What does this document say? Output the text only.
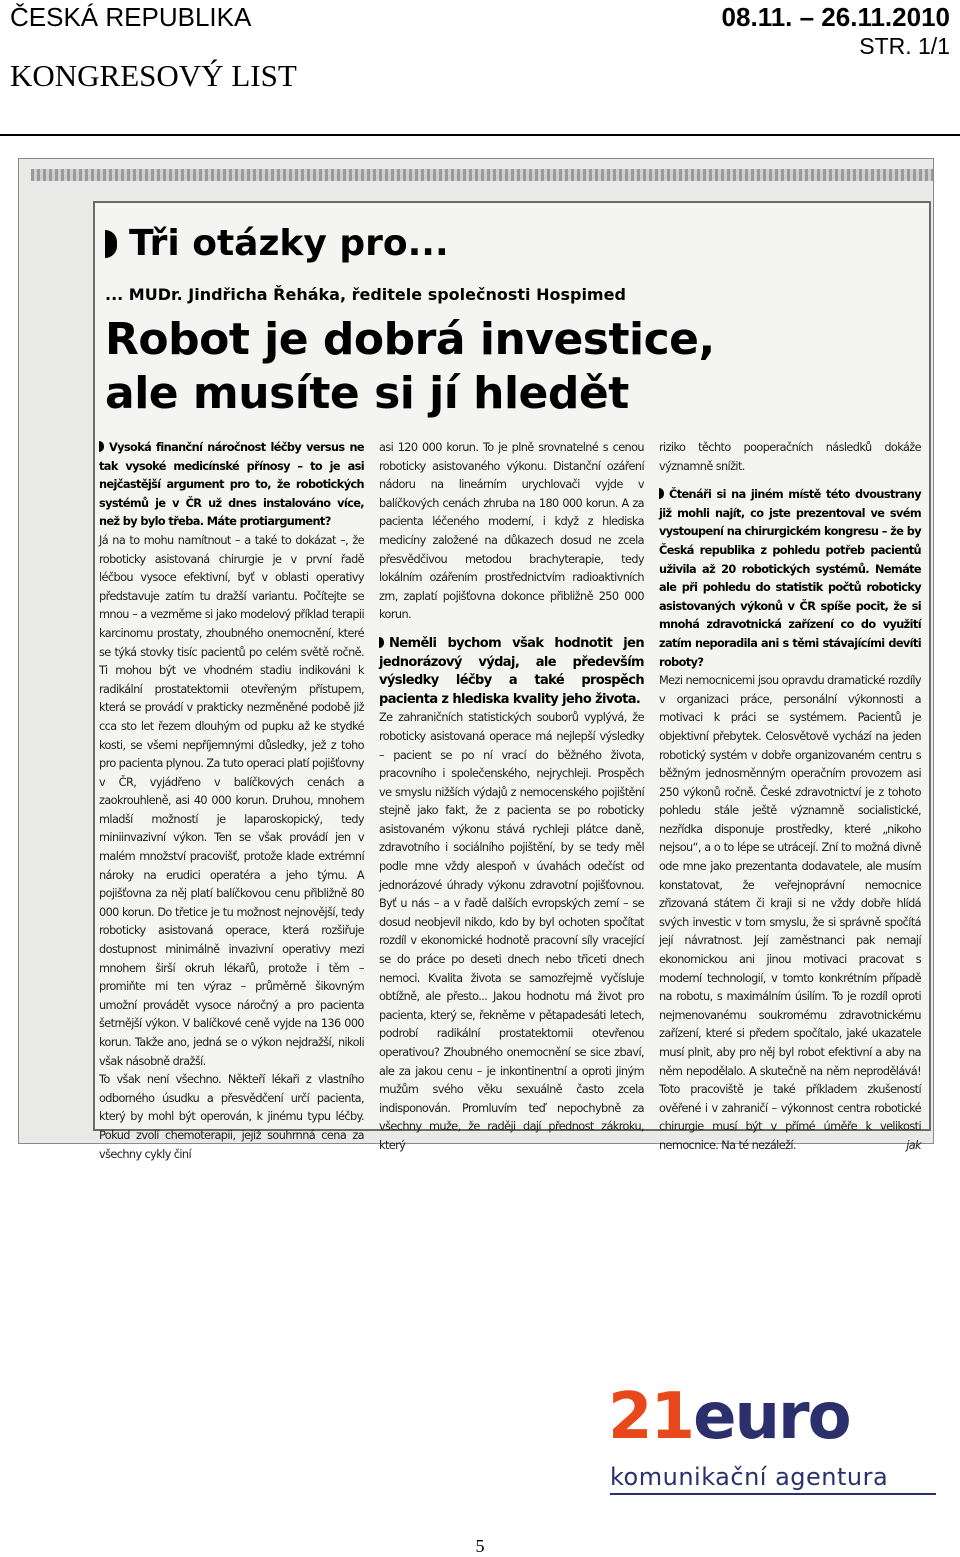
ČESKÁ REPUBLIKA	08.11. – 26.11.2010
STR. 1/1
KONGRESOVÝ LIST
Tři otázky pro...
... MUDr. Jindřicha Řeháka, ředitele společnosti Hospimed
Robot je dobrá investice,
ale musíte si jí hledět

Vysoká finanční náročnost léčby versus ne tak vysoké medicínské přínosy – to je asi nejčastější argument pro to, že robotických systémů je v ČR už dnes instalováno více, než by bylo třeba. Máte protiargument?

Já na to mohu namítnout – a také to dokázat –, že roboticky asistovaná chirurgie je v první řadě léčbou vysoce efektivní, byť v oblasti operativy představuje zatím tu dražší variantu. Počítejte se mnou – a vezměme si jako modelový příklad terapii karcinomu prostaty, zhoubného onemocnění, které se týká stovky tisíc pacientů po celém světě ročně. Ti mohou být ve vhodném stadiu indikováni k radikální prostatektomii otevřeným přístupem, která se provádí v prakticky nezměněné podobě již cca sto let řezem dlouhým od pupku až ke stydké kosti, se všemi nepříjemnými důsledky, jež z toho pro pacienta plynou. Za tuto operaci platí pojišťovny v ČR, vyjádřeno v balíčkových cenách a zaokrouhleně, asi 40 000 korun. Druhou, mnohem mladší možností je laparoskopický, tedy miniinvazivní výkon. Ten se však provádí jen v malém množství pracovišť, protože klade extrémní nároky na erudici operatéra a jeho týmu. A pojišťovna za něj platí balíčkovou cenu přibližně 80 000 korun. Do třetice je tu možnost nejnovější, tedy roboticky asistovaná operace, která rozšiřuje dostupnost minimálně invazivní operativy mezi mnohem širší okruh lékařů, protože i těm – promiňte mi ten výraz – průměrně šikovným umožní provádět vysoce náročný a pro pacienta šetrnější výkon. V balíčkové ceně vyjde na 136 000 korun. Takže ano, jedná se o výkon nejdražší, nikoli však násobně dražší.

To však není všechno. Někteří lékaři z vlastního odborného úsudku a přesvědčení určí pacienta, který by mohl být operován, k jinému typu léčby. Pokud zvolí chemoterapii, jejíž souhrnná cena za všechny cykly činí

asi 120 000 korun. To je plně srovnatelné s cenou roboticky asistovaného výkonu. Distanční ozáření nádoru na lineárním urychlovači vyjde v balíčkových cenách zhruba na 180 000 korun. A za pacienta léčeného moderní, i když z hlediska medicíny založené na důkazech dosud ne zcela přesvědčivou metodou brachyterapie, tedy lokálním ozářením prostřednictvím radioaktivních zrn, zaplatí pojišťovna dokonce přibližně 250 000 korun.

Neměli bychom však hodnotit jen jednorázový výdaj, ale především výsledky léčby a také prospěch pacienta z hlediska kvality jeho života.

Ze zahraničních statistických souborů vyplývá, že roboticky asistovaná operace má nejlepší výsledky – pacient se po ní vrací do běžného života, pracovního i společenského, nejrychleji. Prospěch ve smyslu nižších výdajů z nemocenského pojištění stejně jako fakt, že z pacienta se po roboticky asistovaném výkonu stává rychleji plátce daně, zdravotního i sociálního pojištění, by se tedy měl podle mne vždy alespoň v úvahách odečíst od jednorázové úhrady výkonu zdravotní pojišťovnou. Byť u nás – a v řadě dalších evropských zemí – se dosud neobjevil nikdo, kdo by byl ochoten spočítat rozdíl v ekonomické hodnotě pracovní síly vracející se do práce po deseti dnech nebo třiceti dnech nemoci. Kvalita života se samozřejmě vyčísluje obtížně, ale přesto... Jakou hodnotu má život pro pacienta, který se, řekněme v pětapadesáti letech, podrobí radikální prostatektomii otevřenou operativou? Zhoubného onemocnění se sice zbaví, ale za jakou cenu – je inkontinentní a oproti jiným mužům svého věku sexuálně často zcela indisponován. Promluvím teď nepochybně za všechny muže, že raději dají přednost zákroku, který

riziko těchto pooperačních následků dokáže významně snížit.

Čtenáři si na jiném místě této dvoustrany již mohli najít, co jste prezentoval ve svém vystoupení na chirurgickém kongresu – že by Česká republika z pohledu potřeb pacientů uživila až 20 robotických systémů. Nemáte ale při pohledu do statistik počtů roboticky asistovaných výkonů v ČR spíše pocit, že si mnohá zdravotnická zařízení co do využití zatím neporadila ani s těmi stávajícími devíti roboty?

Mezi nemocnicemi jsou opravdu dramatické rozdíly v organizaci práce, personální výkonnosti a motivaci k práci se systémem. Pacientů je objektivní přebytek. Celosvětově vychází na jeden robotický systém v dobře organizovaném centru s běžným jednosměnným operačním provozem asi 250 výkonů ročně. České zdravotnictví je z tohoto pohledu stále ještě významně socialistické, nezřídka disponuje prostředky, které „nikoho nejsou“, a o to lépe se utrácejí. Zní to možná divně ode mne jako prezentanta dodavatele, ale musím konstatovat, že veřejnoprávní nemocnice zřizovaná státem či kraji si ne vždy dobře hlídá svých investic v tom smyslu, že si správně spočítá její návratnost. Její zaměstnanci pak nemají ekonomickou ani jinou motivaci pracovat s moderní technologií, v tomto konkrétním případě na robotu, s maximálním úsilím. To je rozdíl oproti nejmenovanému soukromému zdravotnickému zařízení, které si předem spočítalo, jaké ukazatele musí plnit, aby pro něj byl robot efektivní a aby na něm nepodělalo. A skutečně na něm neprodělává! Toto pracoviště je také příkladem zkušeností ověřené i v zahraničí – výkonnost centra robotické chirurgie musí být v přímé úměře k velikosti nemocnice. Na té nezáleží.	jak

21euro
komunikační agentura
5
